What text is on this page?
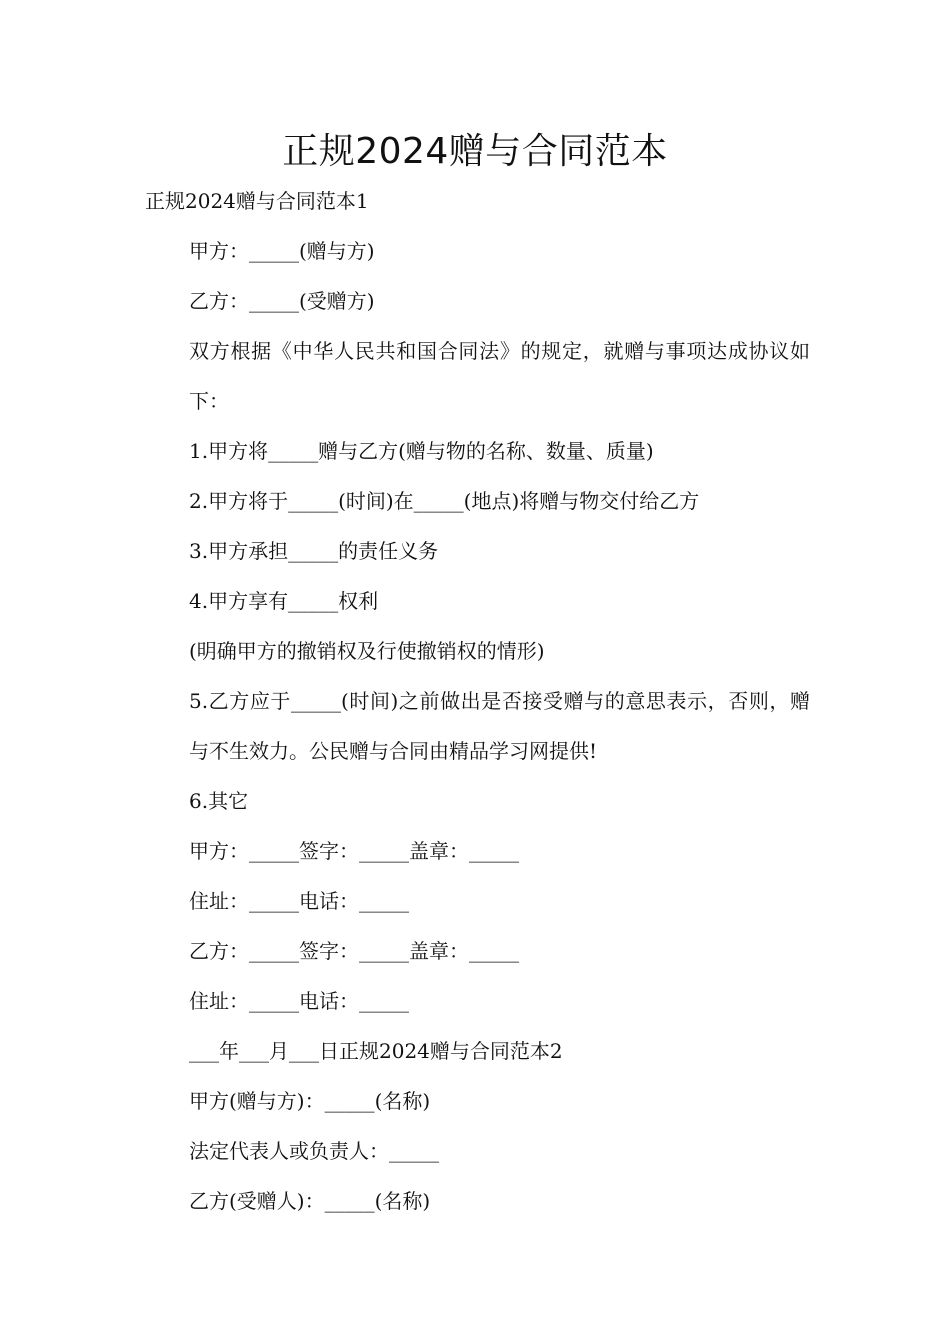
正规2024赠与合同范本

正规2024赠与合同范本1

甲方：_____(赠与方)

乙方：_____(受赠方)

双方根据《中华人民共和国合同法》的规定，就赠与事项达成协议如下：

1.甲方将_____赠与乙方(赠与物的名称、数量、质量)

2.甲方将于_____(时间)在_____(地点)将赠与物交付给乙方

3.甲方承担_____的责任义务

4.甲方享有_____权利

(明确甲方的撤销权及行使撤销权的情形)

5.乙方应于_____(时间)之前做出是否接受赠与的意思表示，否则，赠与不生效力。公民赠与合同由精品学习网提供!

6.其它

甲方：_____签字：_____盖章：_____

住址：_____电话：_____

乙方：_____签字：_____盖章：_____

住址：_____电话：_____

___年___月___日正规2024赠与合同范本2

甲方(赠与方)：_____(名称)

法定代表人或负责人：_____

乙方(受赠人)：_____(名称)
